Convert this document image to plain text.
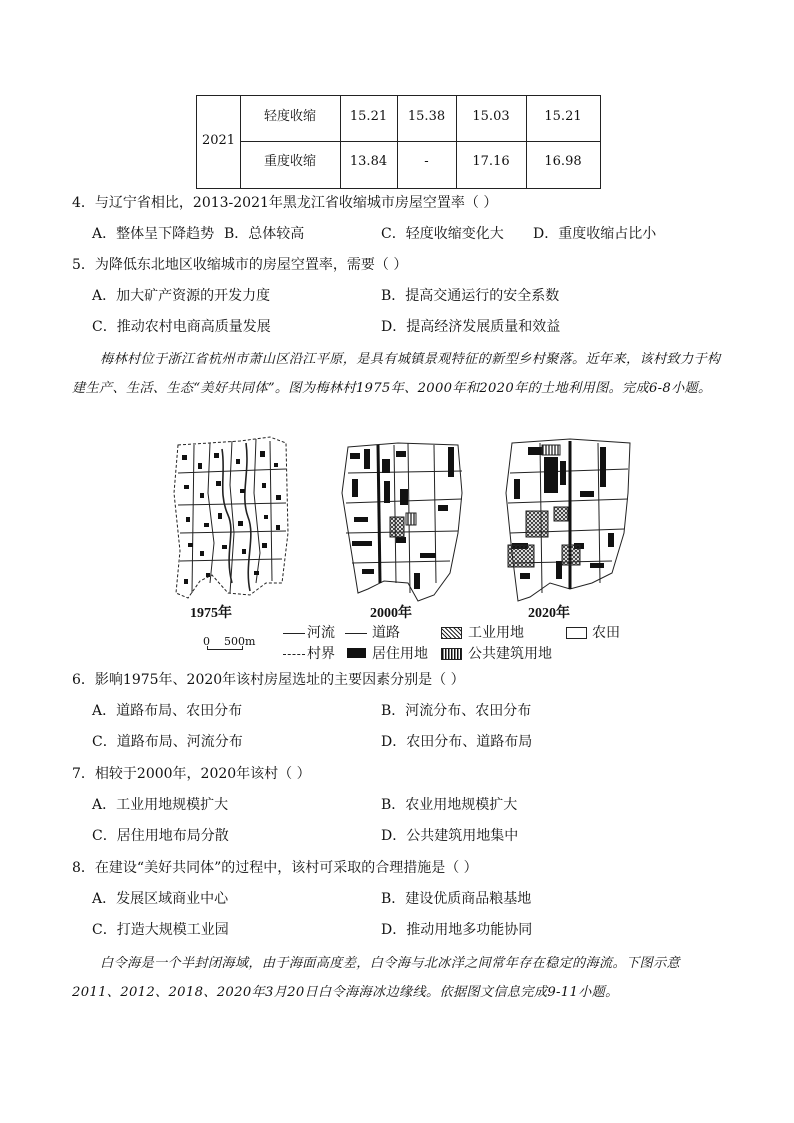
2021
轻度收缩	15.21	15.38	15.03	15.21
重度收缩	13.84	-	17.16	16.98
4．与辽宁省相比，2013-2021年黑龙江省收缩城市房屋空置率（ ）
A．整体呈下降趋势 B．总体较高	C．轻度收缩变化大 D．重度收缩占比小
5．为降低东北地区收缩城市的房屋空置率，需要（ ）
A．加大矿产资源的开发力度	B．提高交通运行的安全系数
C．推动农村电商高质量发展	D．提高经济发展质量和效益
梅林村位于浙江省杭州市萧山区沿江平原，是具有城镇景观特征的新型乡村聚落。近年来，该村致力于构建生产、生活、生态“美好共同体”。图为梅林村1975年、2000年和2020年的土地利用图。完成6-8小题。
1975年	2000年	2020年
0    500m
河流	道路	工业用地	农田
村界	居住用地	公共建筑用地
6．影响1975年、2020年该村房屋选址的主要因素分别是（ ）
A．道路布局、农田分布	B．河流分布、农田分布
C．道路布局、河流分布	D．农田分布、道路布局
7．相较于2000年，2020年该村（ ）
A．工业用地规模扩大	B．农业用地规模扩大
C．居住用地布局分散	D．公共建筑用地集中
8．在建设“美好共同体”的过程中，该村可采取的合理措施是（ ）
A．发展区域商业中心	B．建设优质商品粮基地
C．打造大规模工业园	D．推动用地多功能协同
白令海是一个半封闭海域，由于海面高度差，白令海与北冰洋之间常年存在稳定的海流。下图示意2011、2012、2018、2020年3月20日白令海海冰边缘线。依据图文信息完成9-11小题。
